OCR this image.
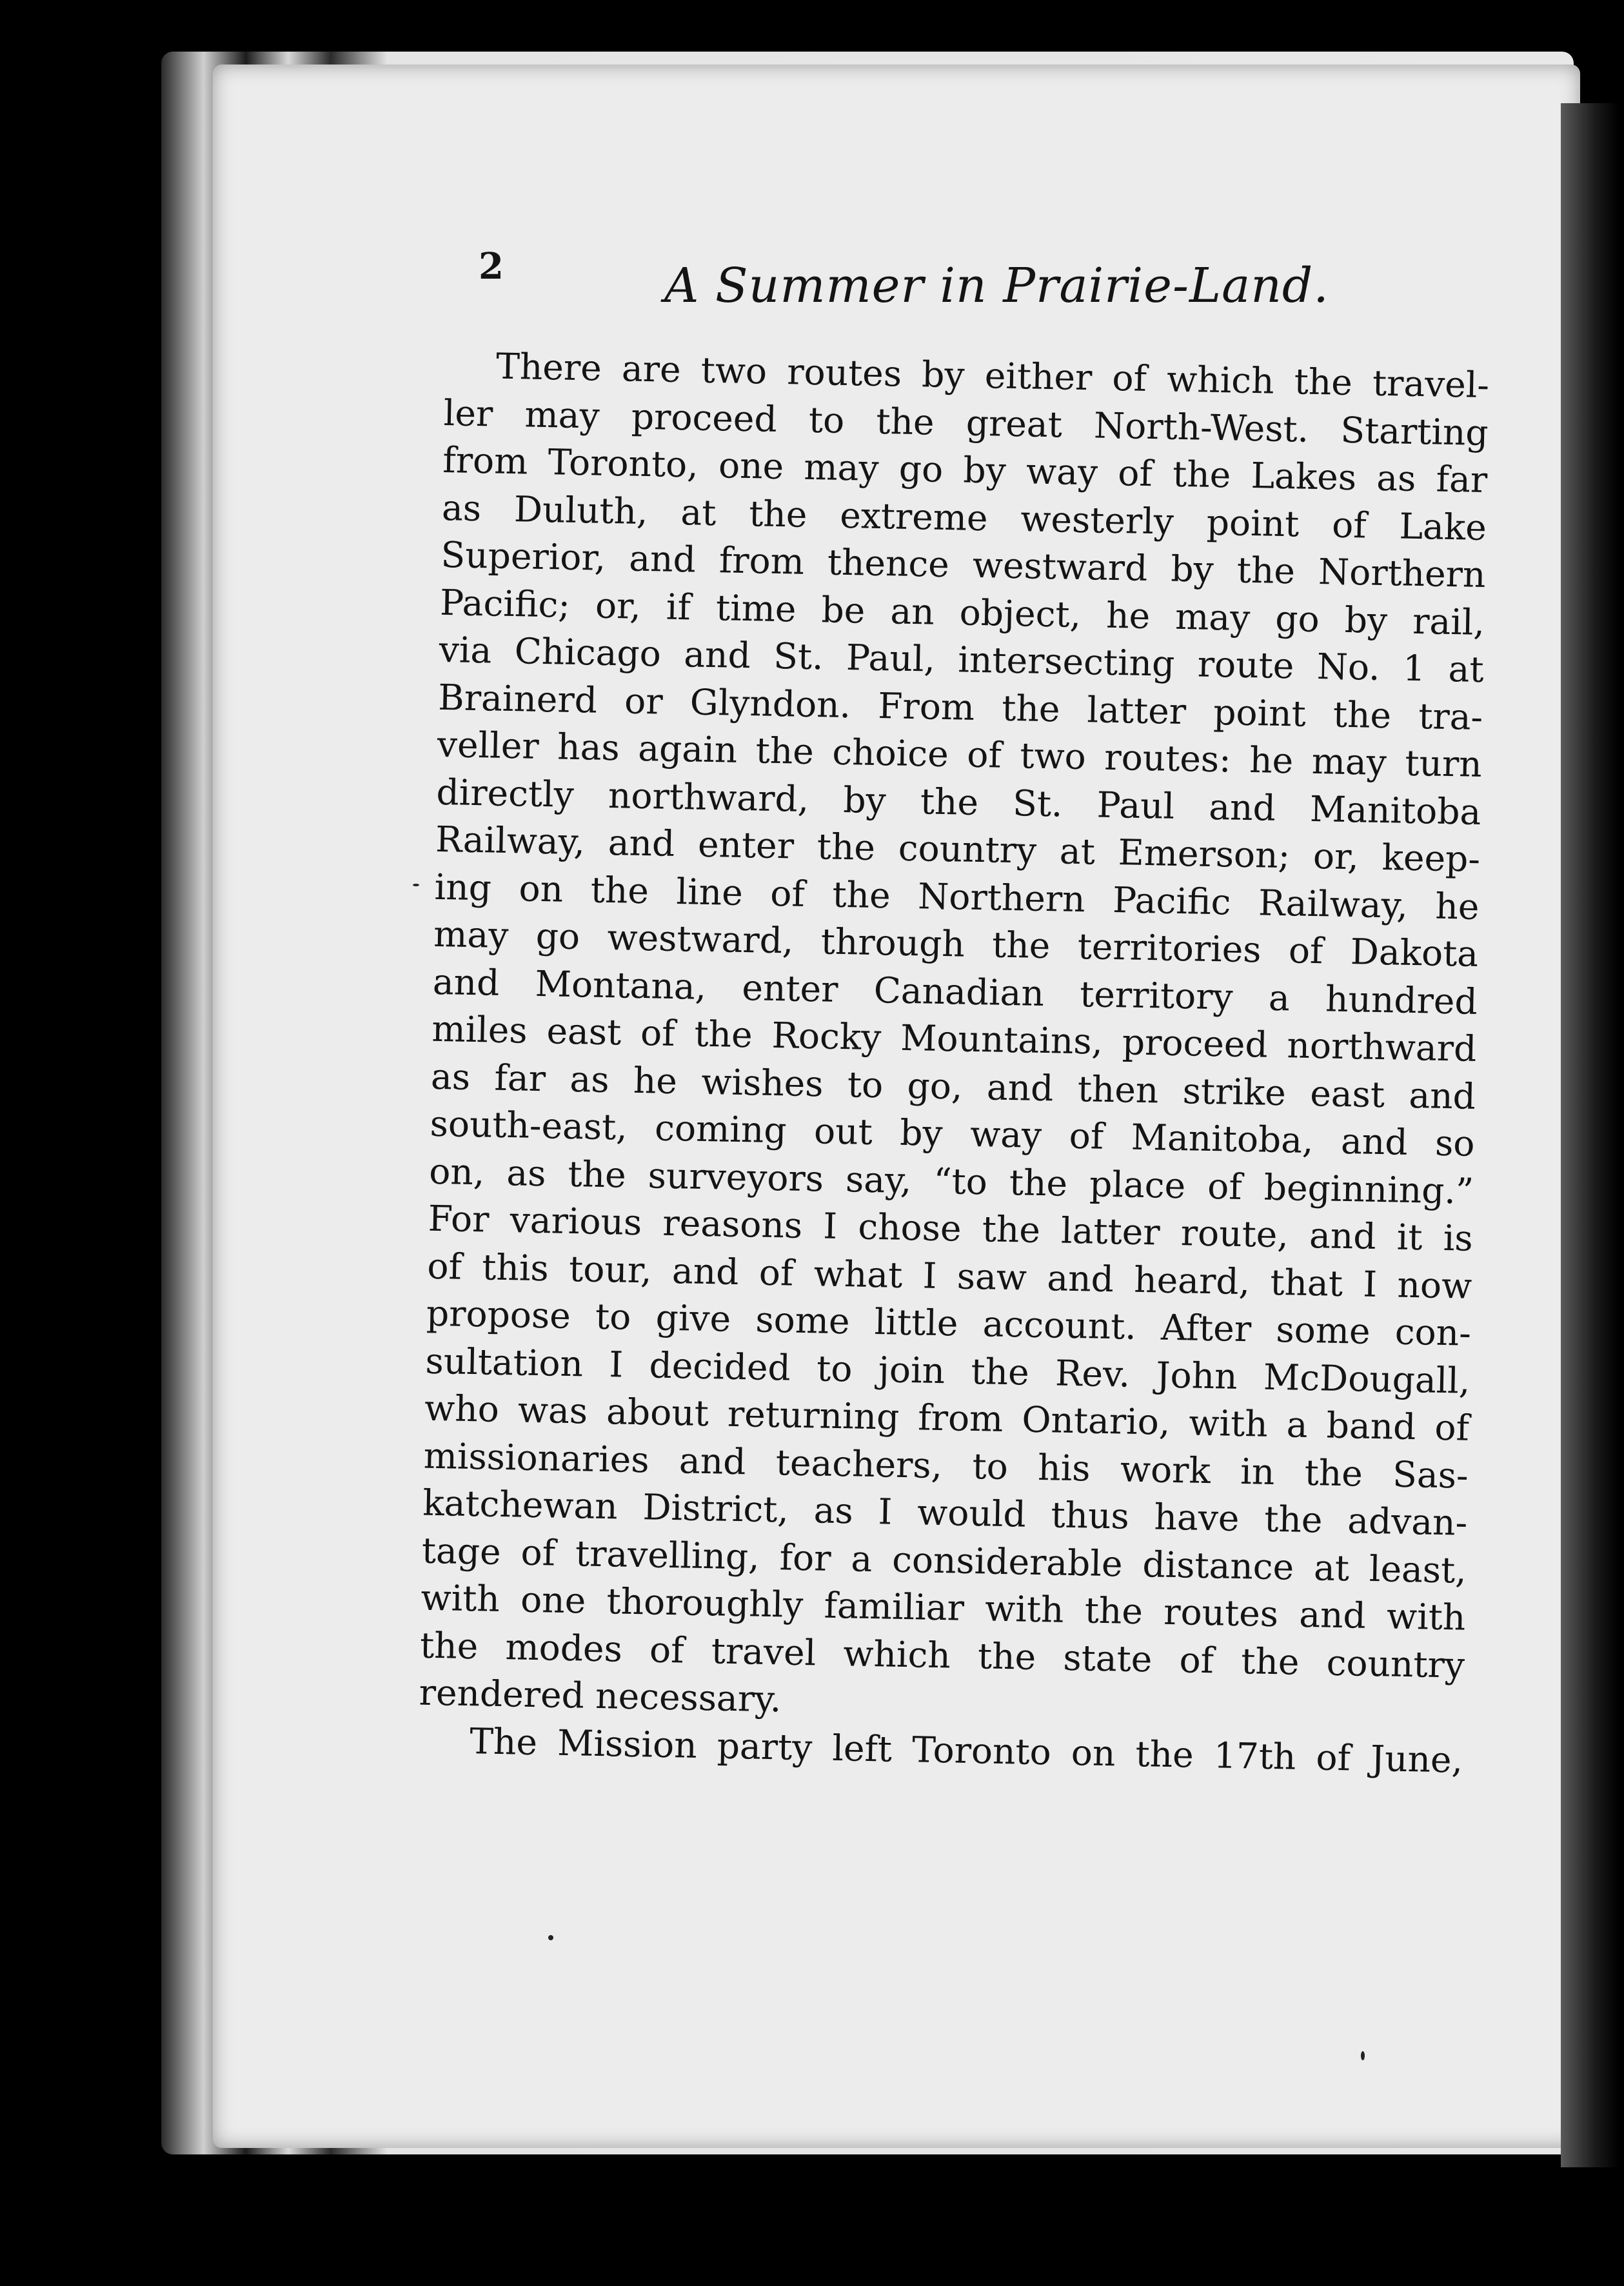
2	A Summer in Prairie-Land.
There are two routes by either of which the travel-
ler may proceed to the great North-West. Starting
from Toronto, one may go by way of the Lakes as far
as Duluth, at the extreme westerly point of Lake
Superior, and from thence westward by the Northern
Pacific; or, if time be an object, he may go by rail,
via Chicago and St. Paul, intersecting route No. 1 at
Brainerd or Glyndon. From the latter point the tra-
veller has again the choice of two routes: he may turn
directly northward, by the St. Paul and Manitoba
Railway, and enter the country at Emerson; or, keep-
ing on the line of the Northern Pacific Railway, he
may go westward, through the territories of Dakota
and Montana, enter Canadian territory a hundred
miles east of the Rocky Mountains, proceed northward
as far as he wishes to go, and then strike east and
south-east, coming out by way of Manitoba, and so
on, as the surveyors say, “to the place of beginning.”
For various reasons I chose the latter route, and it is
of this tour, and of what I saw and heard, that I now
propose to give some little account. After some con-
sultation I decided to join the Rev. John McDougall,
who was about returning from Ontario, with a band of
missionaries and teachers, to his work in the Sas-
katchewan District, as I would thus have the advan-
tage of travelling, for a considerable distance at least,
with one thoroughly familiar with the routes and with
the modes of travel which the state of the country
rendered necessary.
The Mission party left Toronto on the 17th of June,
